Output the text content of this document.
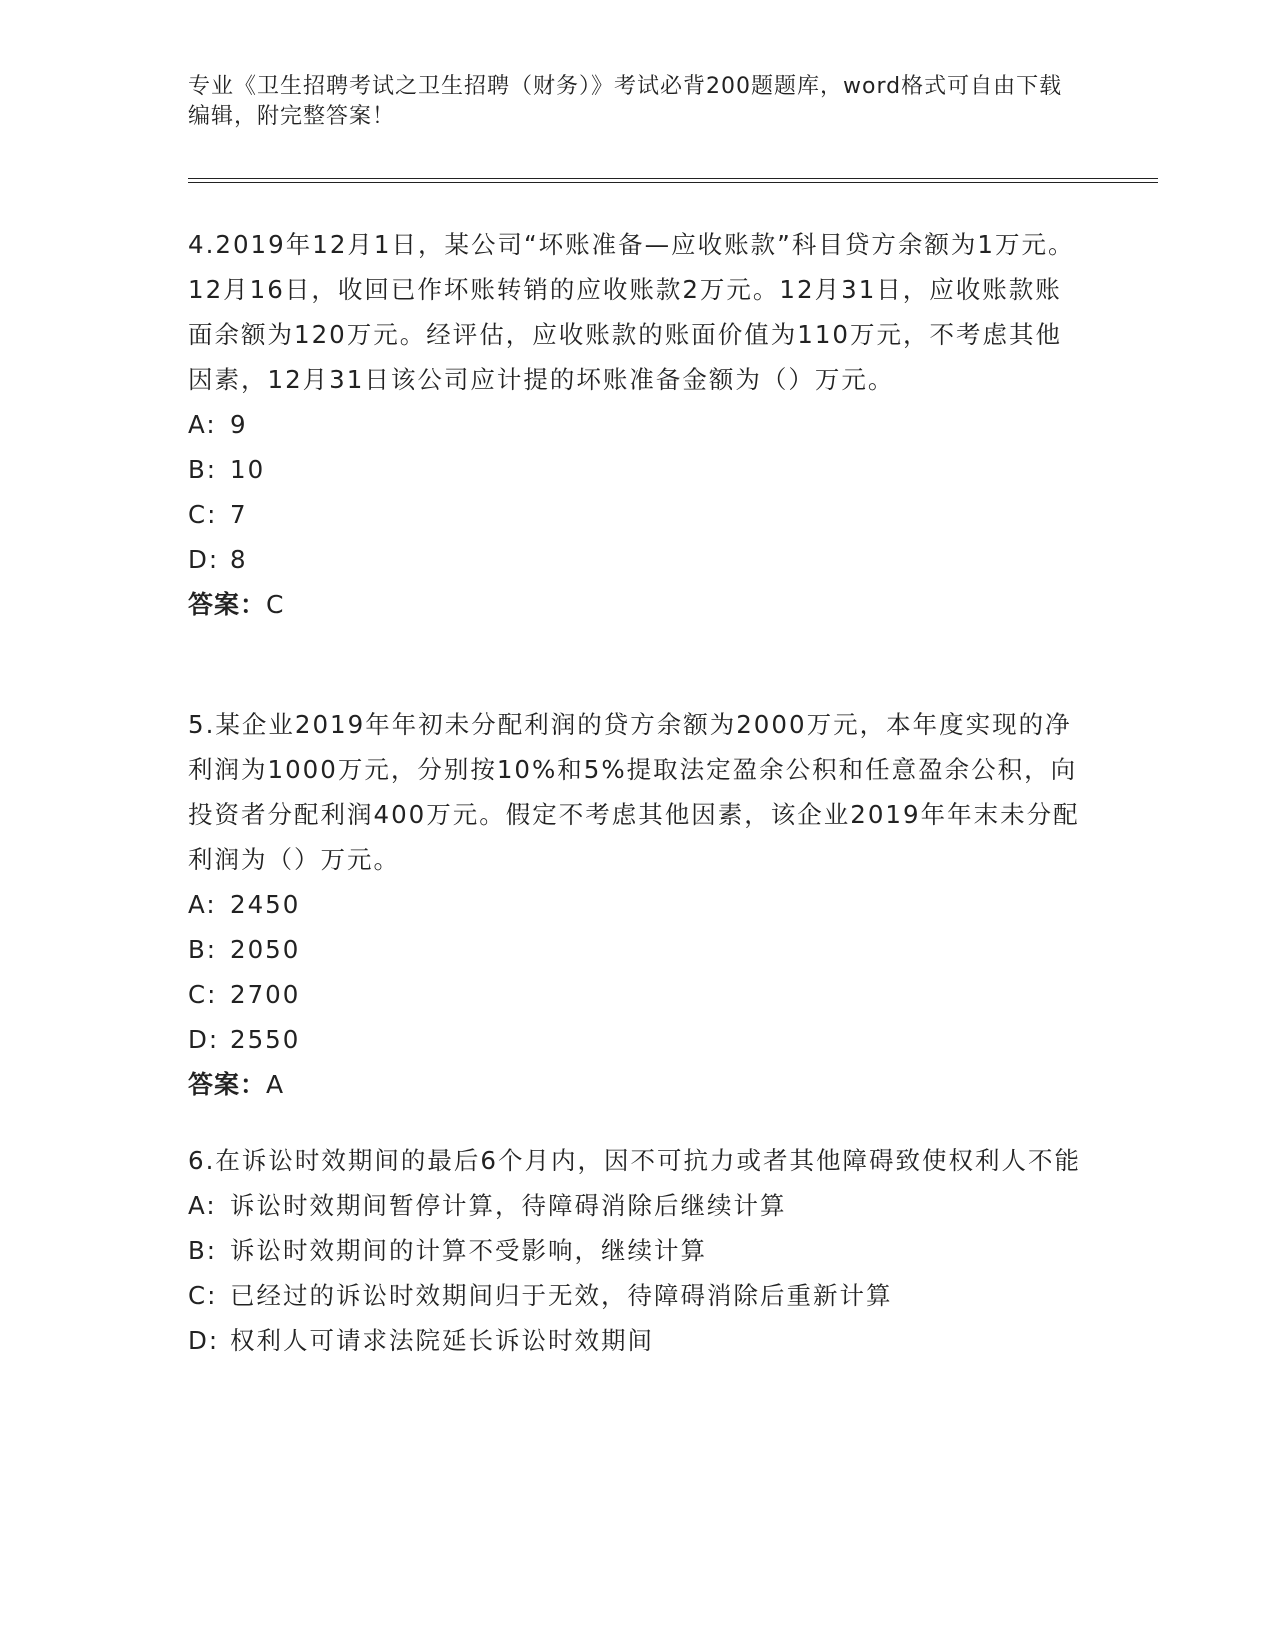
专业《卫生招聘考试之卫生招聘（财务）》考试必背200题题库，word格式可自由下载编辑，附完整答案！
4.2019年12月1日，某公司“坏账准备—应收账款”科目贷方余额为1万元。12月16日，收回已作坏账转销的应收账款2万元。12月31日，应收账款账面余额为120万元。经评估，应收账款的账面价值为110万元，不考虑其他因素，12月31日该公司应计提的坏账准备金额为（）万元。
A: 9
B: 10
C: 7
D: 8
答案：C
5.某企业2019年年初未分配利润的贷方余额为2000万元，本年度实现的净利润为1000万元，分别按10%和5%提取法定盈余公积和任意盈余公积，向投资者分配利润400万元。假定不考虑其他因素，该企业2019年年末未分配利润为（）万元。
A: 2450
B: 2050
C: 2700
D: 2550
答案：A
6.在诉讼时效期间的最后6个月内，因不可抗力或者其他障碍致使权利人不能
A: 诉讼时效期间暂停计算，待障碍消除后继续计算
B: 诉讼时效期间的计算不受影响，继续计算
C: 已经过的诉讼时效期间归于无效，待障碍消除后重新计算
D: 权利人可请求法院延长诉讼时效期间
